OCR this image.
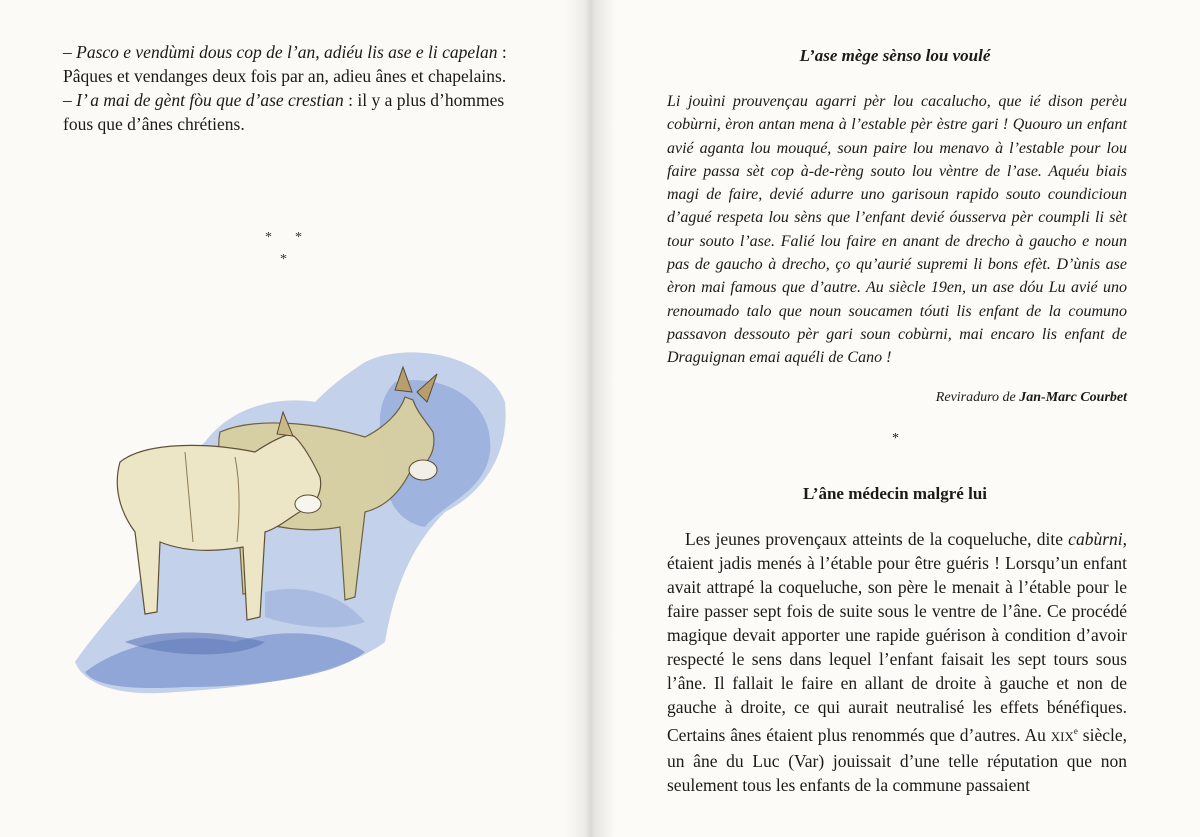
– Pasco e vendùmi dous cop de l’an, adiéu lis ase e li capelan : Pâques et vendanges deux fois par an, adieu ânes et chapelains.

– I’ a mai de gènt fòu que d’ase crestian : il y a plus d’hommes fous que d’ânes chrétiens.

* *
*
L’ase mège sènso lou voulé

Li jouìni prouvençau agarri pèr lou cacalucho, que ié dison perèu cobùrni, èron antan mena à l’estable pèr èstre gari ! Quouro un enfant avié aganta lou mouqué, soun paire lou menavo à l’estable pour lou faire passa sèt cop à-de-rèng souto lou vèntre de l’ase. Aquéu biais magi de faire, devié adurre uno garisoun rapido souto coundicioun d’agué respeta lou sèns que l’enfant devié óusserva pèr coumpli li sèt tour souto l’ase. Falié lou faire en anant de drecho à gaucho e noun pas de gaucho à drecho, ço qu’aurié supremi li bons efèt. D’ùnis ase èron mai famous que d’autre. Au siècle 19en, un ase dóu Lu avié uno renoumado talo que noun soucamen tóuti lis enfant de la coumuno passavon dessouto pèr gari soun cobùrni, mai encaro lis enfant de Draguignan emai aquéli de Cano !

Reviraduro de Jan-Marc Courbet
*
L’âne médecin malgré lui

Les jeunes provençaux atteints de la coqueluche, dite cabùrni, étaient jadis menés à l’étable pour être guéris ! Lorsqu’un enfant avait attrapé la coqueluche, son père le menait à l’étable pour le faire passer sept fois de suite sous le ventre de l’âne. Ce procédé magique devait apporter une rapide guérison à condition d’avoir respecté le sens dans lequel l’enfant faisait les sept tours sous l’âne. Il fallait le faire en allant de droite à gauche et non de gauche à droite, ce qui aurait neutralisé les effets bénéfiques. Certains ânes étaient plus renommés que d’autres. Au XIXe siècle, un âne du Luc (Var) jouissait d’une telle réputation que non seulement tous les enfants de la commune passaient
